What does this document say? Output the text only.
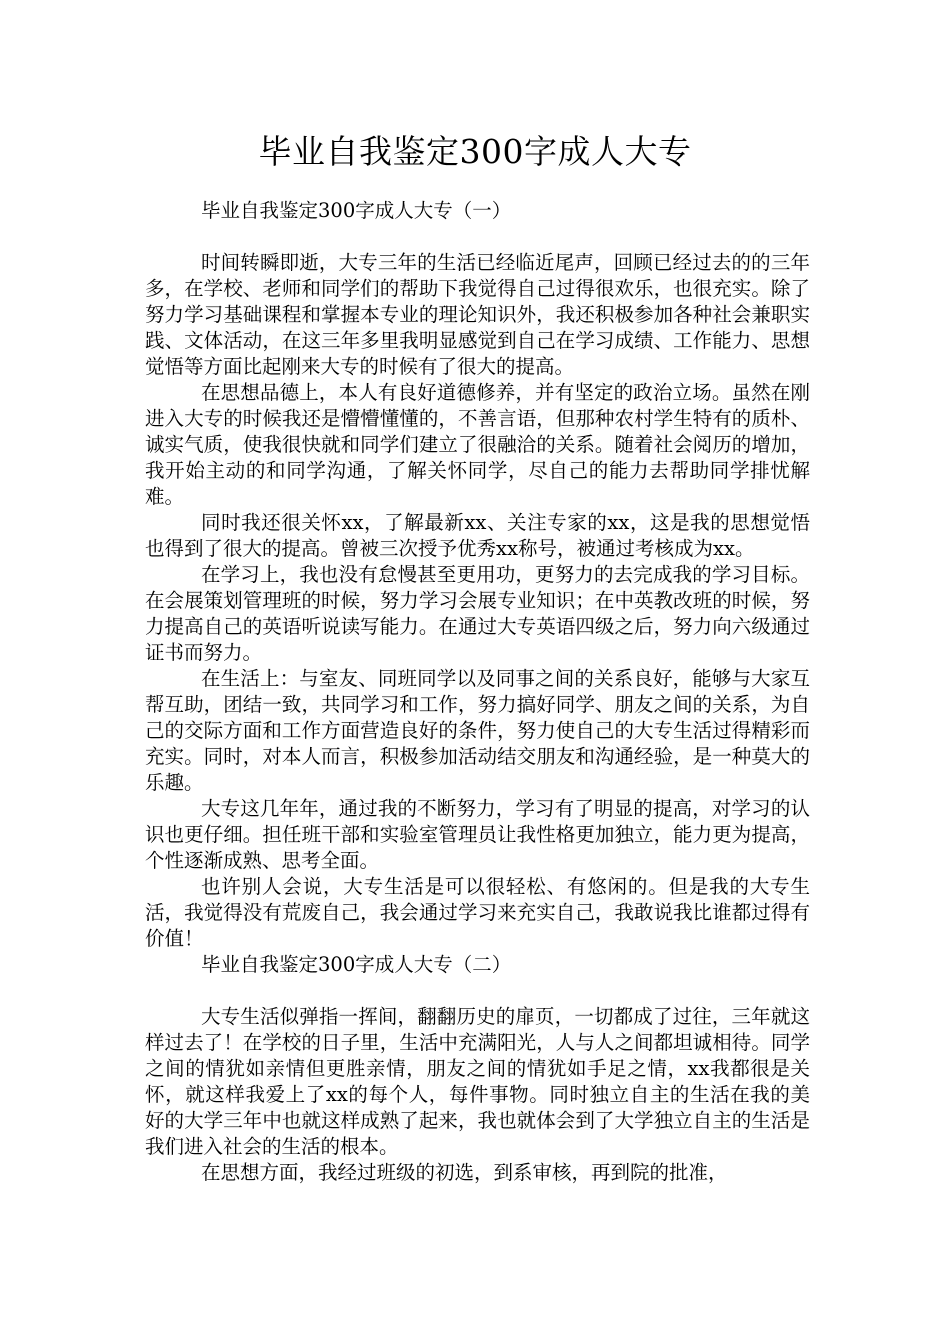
毕业自我鉴定300字成人大专

毕业自我鉴定300字成人大专（一）

时间转瞬即逝，大专三年的生活已经临近尾声，回顾已经过去的的三年多，在学校、老师和同学们的帮助下我觉得自己过得很欢乐，也很充实。除了努力学习基础课程和掌握本专业的理论知识外，我还积极参加各种社会兼职实践、文体活动，在这三年多里我明显感觉到自己在学习成绩、工作能力、思想觉悟等方面比起刚来大专的时候有了很大的提高。

在思想品德上，本人有良好道德修养，并有坚定的政治立场。虽然在刚进入大专的时候我还是懵懵懂懂的，不善言语，但那种农村学生特有的质朴、诚实气质，使我很快就和同学们建立了很融洽的关系。随着社会阅历的增加，我开始主动的和同学沟通，了解关怀同学，尽自己的能力去帮助同学排忧解难。

同时我还很关怀xx，了解最新xx、关注专家的xx，这是我的思想觉悟也得到了很大的提高。曾被三次授予优秀xx称号，被通过考核成为xx。

在学习上，我也没有怠慢甚至更用功，更努力的去完成我的学习目标。在会展策划管理班的时候，努力学习会展专业知识；在中英教改班的时候，努力提高自己的英语听说读写能力。在通过大专英语四级之后，努力向六级通过证书而努力。

在生活上：与室友、同班同学以及同事之间的关系良好，能够与大家互帮互助，团结一致，共同学习和工作，努力搞好同学、朋友之间的关系，为自己的交际方面和工作方面营造良好的条件，努力使自己的大专生活过得精彩而充实。同时，对本人而言，积极参加活动结交朋友和沟通经验，是一种莫大的乐趣。

大专这几年年，通过我的不断努力，学习有了明显的提高，对学习的认识也更仔细。担任班干部和实验室管理员让我性格更加独立，能力更为提高，个性逐渐成熟、思考全面。

也许别人会说，大专生活是可以很轻松、有悠闲的。但是我的大专生活，我觉得没有荒废自己，我会通过学习来充实自己，我敢说我比谁都过得有价值！

毕业自我鉴定300字成人大专（二）

大专生活似弹指一挥间，翻翻历史的扉页，一切都成了过往，三年就这样过去了！在学校的日子里，生活中充满阳光，人与人之间都坦诚相待。同学之间的情犹如亲情但更胜亲情，朋友之间的情犹如手足之情，xx我都很是关怀，就这样我爱上了xx的每个人，每件事物。同时独立自主的生活在我的美好的大学三年中也就这样成熟了起来，我也就体会到了大学独立自主的生活是我们进入社会的生活的根本。

在思想方面，我经过班级的初选，到系审核，再到院的批准，
